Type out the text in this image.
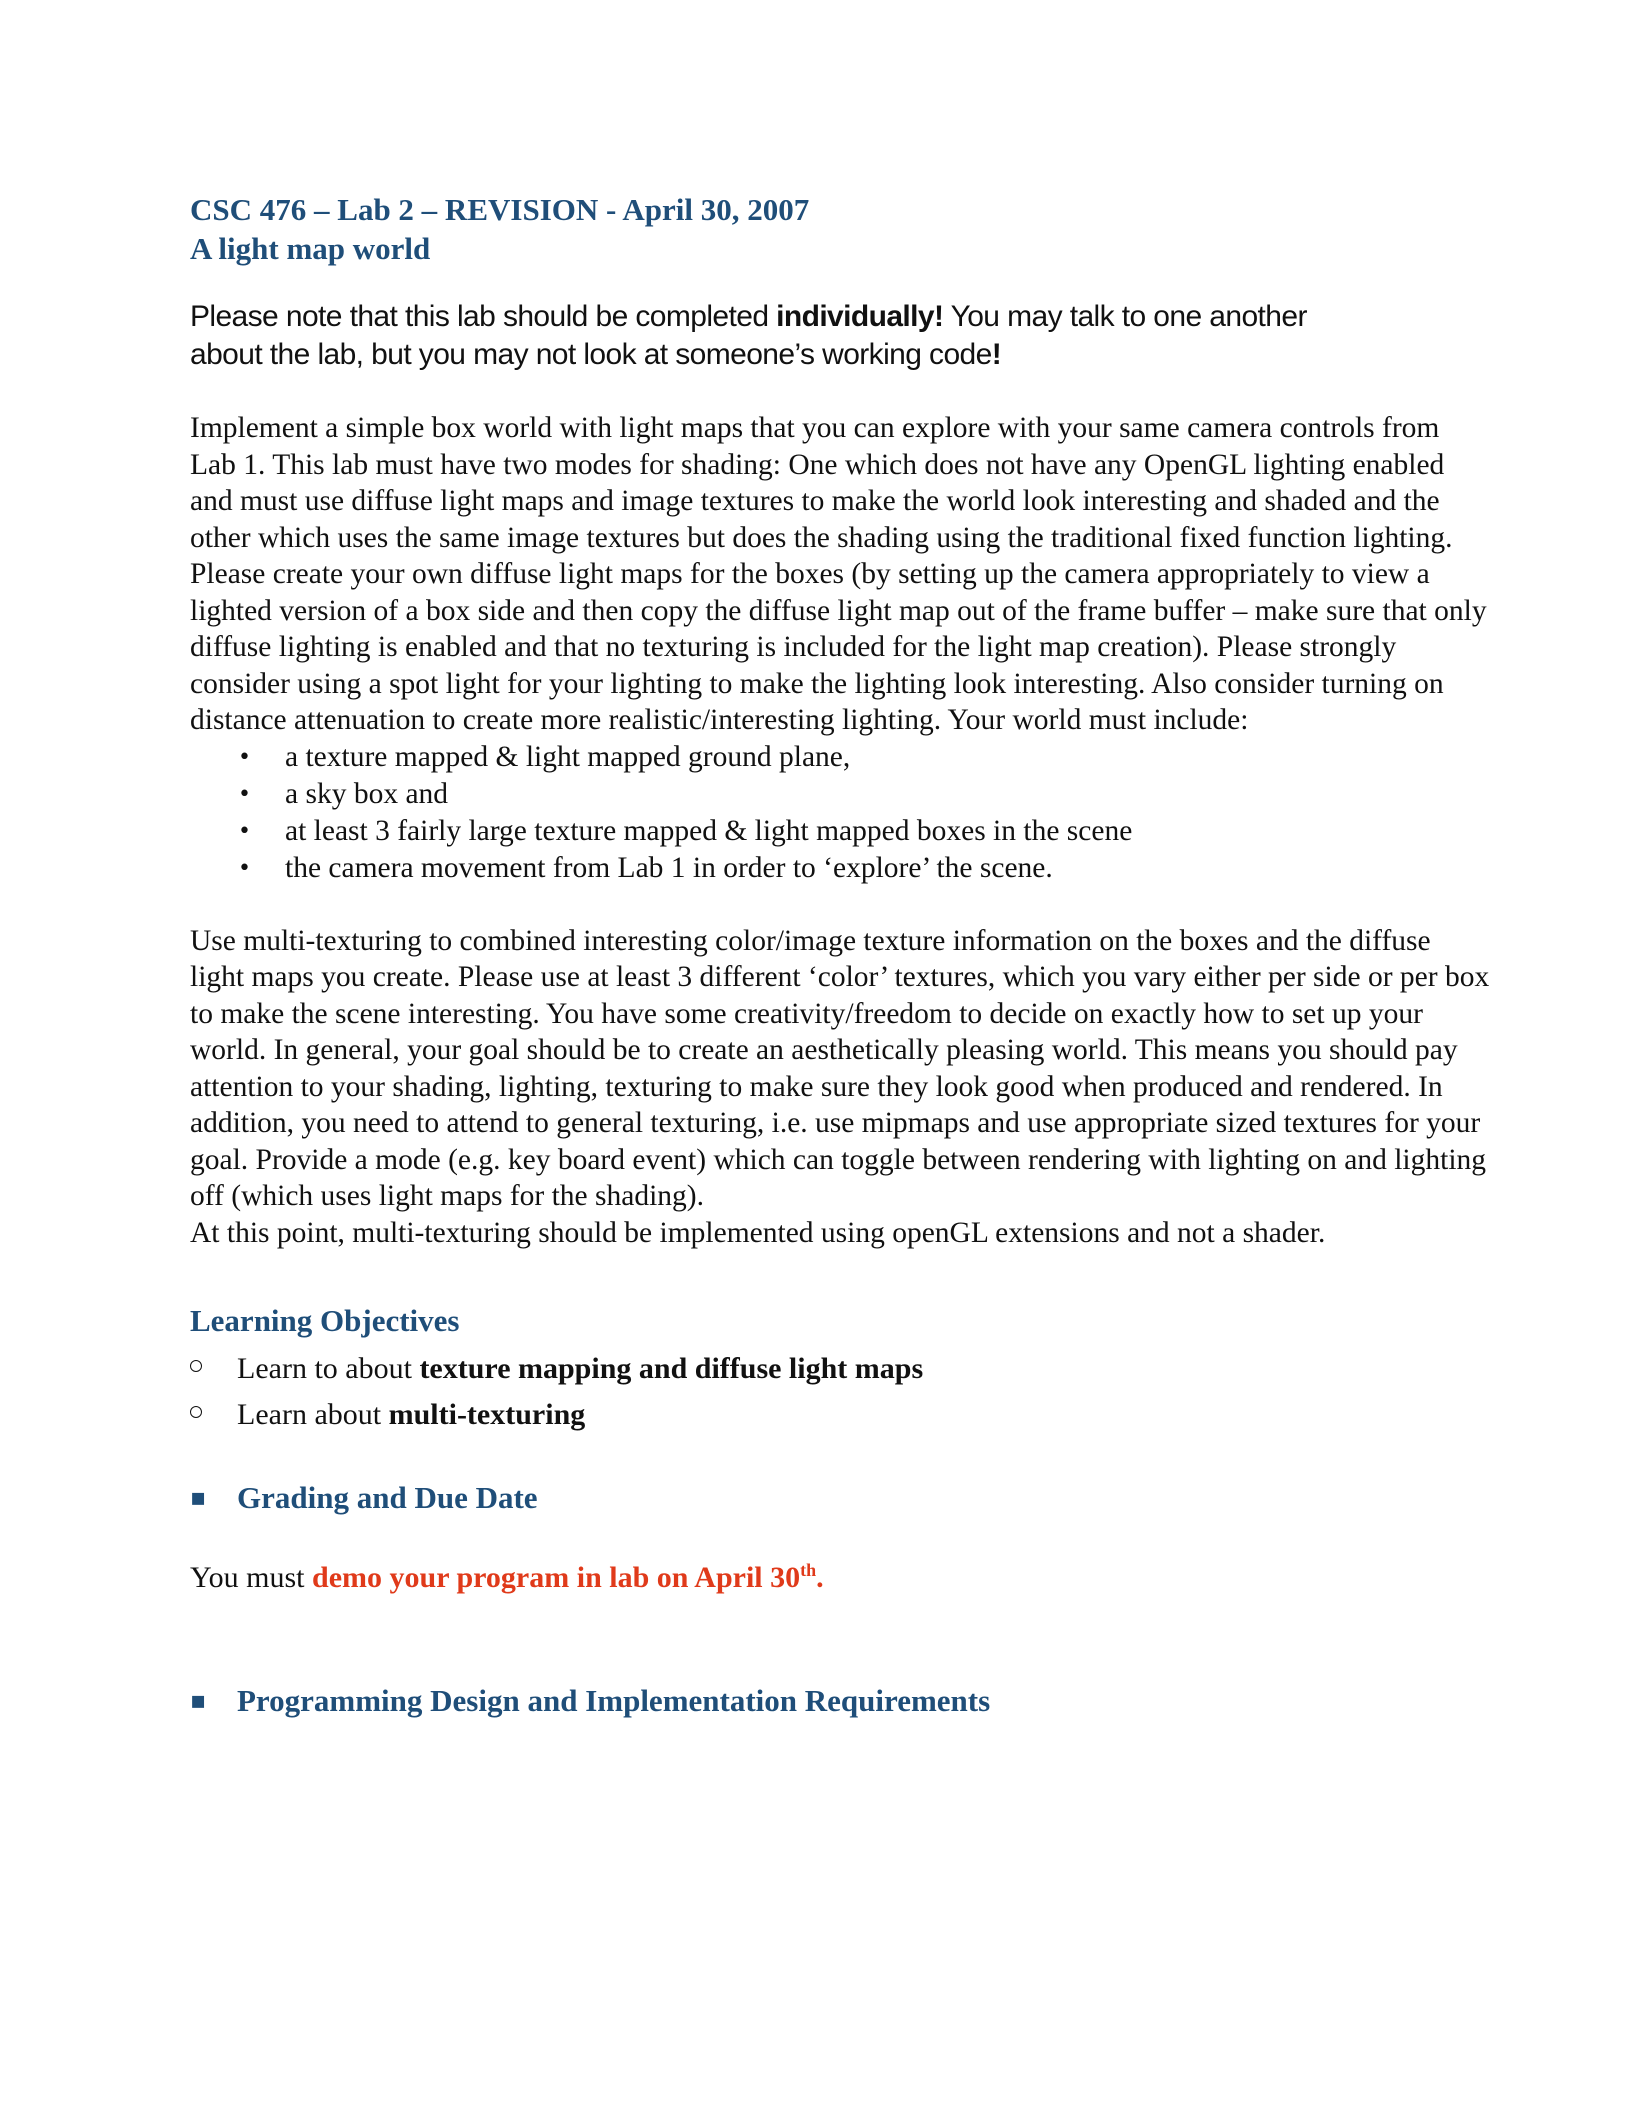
CSC 476 – Lab 2 – REVISION - April 30, 2007
A light map world
Please note that this lab should be completed individually! You may talk to one another
about the lab, but you may not look at someone’s working code!
Implement a simple box world with light maps that you can explore with your same camera controls from Lab 1. This lab must have two modes for shading: One which does not have any OpenGL lighting enabled and must use diffuse light maps and image textures to make the world look interesting and shaded and the other which uses the same image textures but does the shading using the traditional fixed function lighting. Please create your own diffuse light maps for the boxes (by setting up the camera appropriately to view a lighted version of a box side and then copy the diffuse light map out of the frame buffer – make sure that only diffuse lighting is enabled and that no texturing is included for the light map creation). Please strongly consider using a spot light for your lighting to make the lighting look interesting. Also consider turning on distance attenuation to create more realistic/interesting lighting. Your world must include:
• a texture mapped & light mapped ground plane,
• a sky box and
• at least 3 fairly large texture mapped & light mapped boxes in the scene
• the camera movement from Lab 1 in order to ‘explore’ the scene.
Use multi-texturing to combined interesting color/image texture information on the boxes and the diffuse light maps you create. Please use at least 3 different ‘color’ textures, which you vary either per side or per box to make the scene interesting. You have some creativity/freedom to decide on exactly how to set up your world. In general, your goal should be to create an aesthetically pleasing world. This means you should pay attention to your shading, lighting, texturing to make sure they look good when produced and rendered. In addition, you need to attend to general texturing, i.e. use mipmaps and use appropriate sized textures for your goal. Provide a mode (e.g. key board event) which can toggle between rendering with lighting on and lighting off (which uses light maps for the shading).
At this point, multi-texturing should be implemented using openGL extensions and not a shader.
Learning Objectives
Learn to about texture mapping and diffuse light maps
Learn about multi-texturing
▪ Grading and Due Date
You must demo your program in lab on April 30th.
▪ Programming Design and Implementation Requirements
